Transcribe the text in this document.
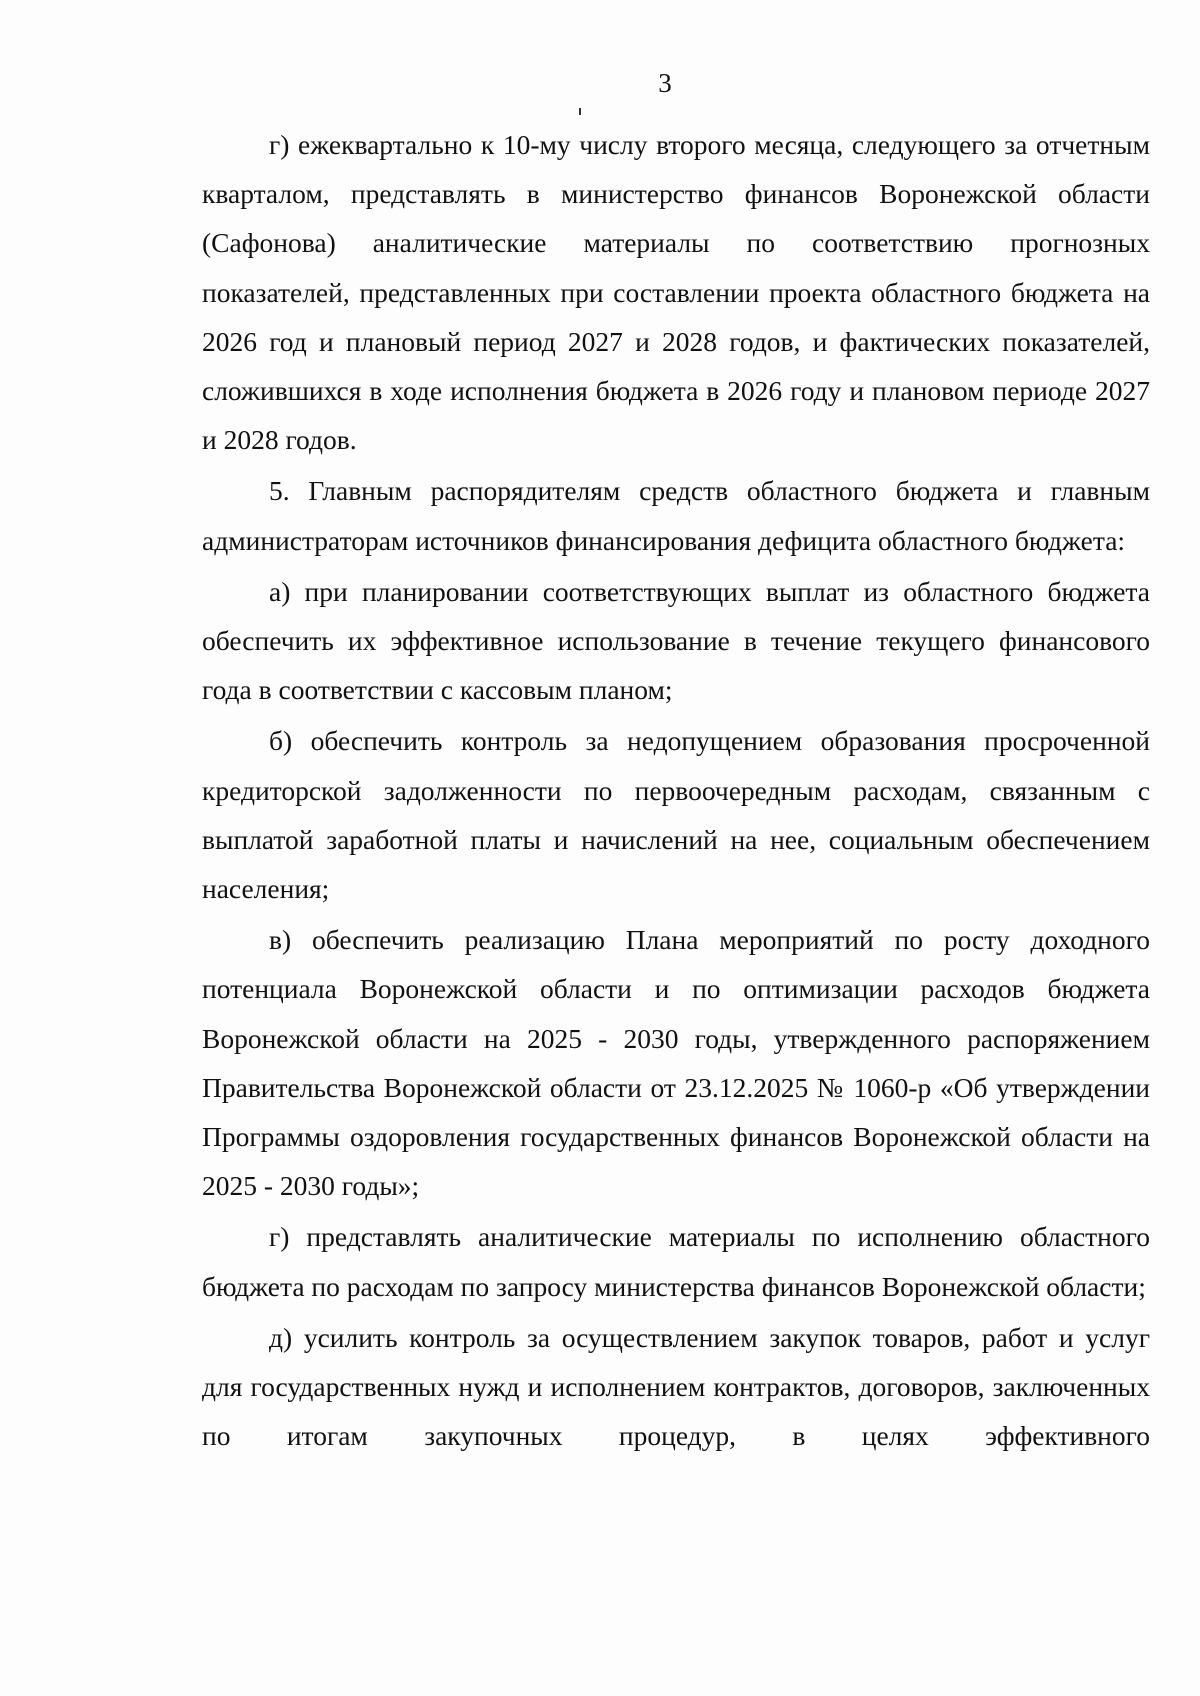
3

г) ежеквартально к 10-му числу второго месяца, следующего за отчетным кварталом, представлять в министерство финансов Воронежской области (Сафонова) аналитические материалы по соответствию прогнозных показателей, представленных при составлении проекта областного бюджета на 2026 год и плановый период 2027 и 2028 годов, и фактических показателей, сложившихся в ходе исполнения бюджета в 2026 году и плановом периоде 2027 и 2028 годов.

5. Главным распорядителям средств областного бюджета и главным администраторам источников финансирования дефицита областного бюджета:

а) при планировании соответствующих выплат из областного бюджета обеспечить их эффективное использование в течение текущего финансового года в соответствии с кассовым планом;

б) обеспечить контроль за недопущением образования просроченной кредиторской задолженности по первоочередным расходам, связанным с выплатой заработной платы и начислений на нее, социальным обеспечением населения;

в) обеспечить реализацию Плана мероприятий по росту доходного потенциала Воронежской области и по оптимизации расходов бюджета Воронежской области на 2025 - 2030 годы, утвержденного распоряжением Правительства Воронежской области от 23.12.2025 № 1060-р «Об утверждении Программы оздоровления государственных финансов Воронежской области на 2025 - 2030 годы»;

г) представлять аналитические материалы по исполнению областного бюджета по расходам по запросу министерства финансов Воронежской области;

д) усилить контроль за осуществлением закупок товаров, работ и услуг для государственных нужд и исполнением контрактов, договоров, заключенных по итогам закупочных процедур, в целях эффективного
